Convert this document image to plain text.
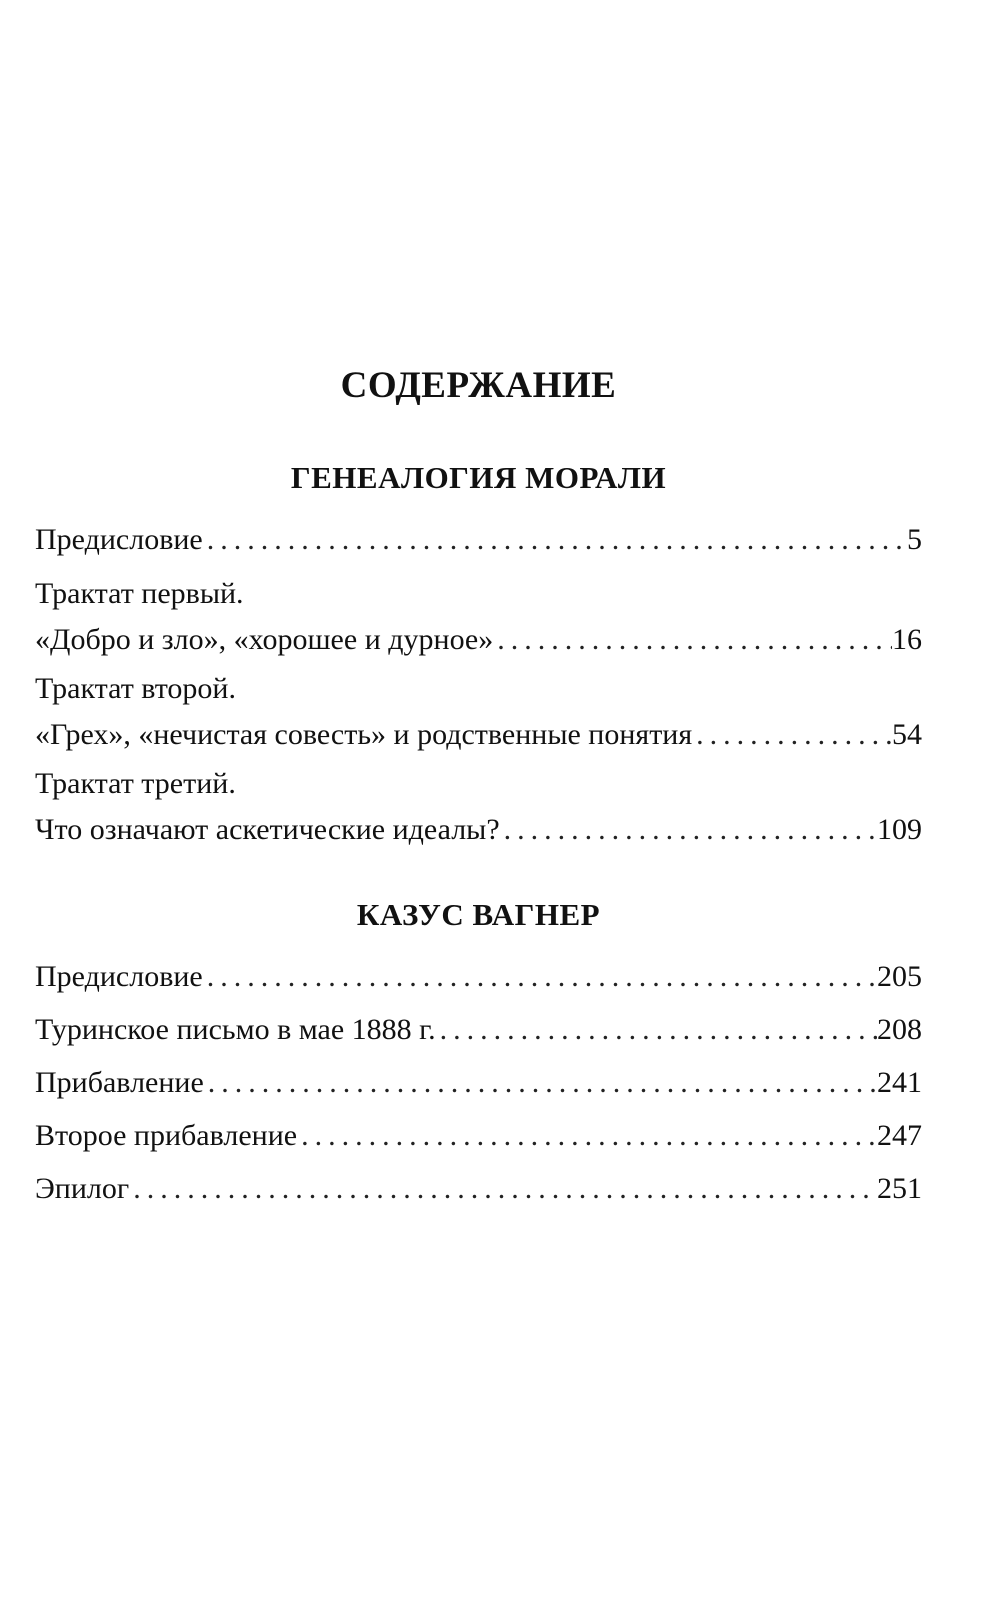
СОДЕРЖАНИЕ
ГЕНЕАЛОГИЯ МОРАЛИ
Предисловие .....	5
Трактат первый.
«Добро и зло», «хорошее и дурное» .....	16
Трактат второй.
«Грех», «нечистая совесть» и родственные понятия .....	54
Трактат третий.
Что означают аскетические идеалы? .....	109
КАЗУС ВАГНЕР
Предисловие .....	205
Туринское письмо в мае 1888 г. .....	208
Прибавление .....	241
Второе прибавление .....	247
Эпилог .....	251
